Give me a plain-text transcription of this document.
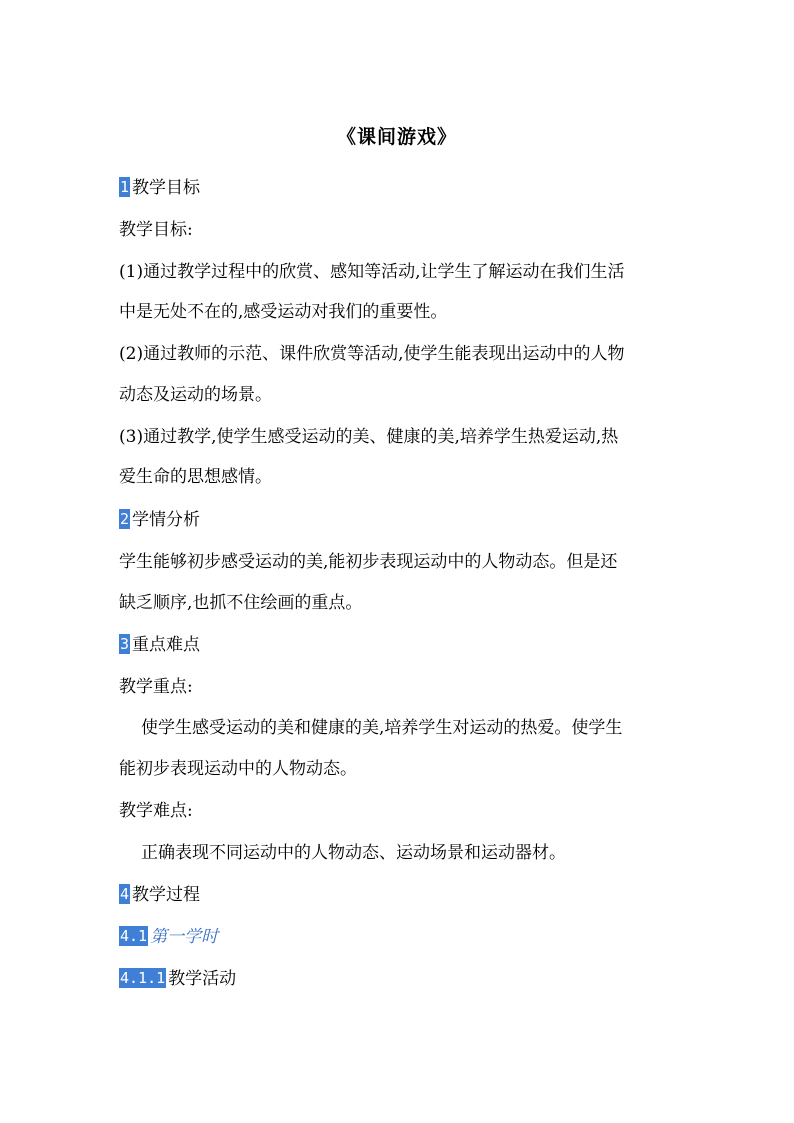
《课间游戏》
1 教学目标
教学目标:
(1)通过教学过程中的欣赏、感知等活动,让学生了解运动在我们生活
中是无处不在的,感受运动对我们的重要性。
(2)通过教师的示范、课件欣赏等活动,使学生能表现出运动中的人物
动态及运动的场景。
(3)通过教学,使学生感受运动的美、健康的美,培养学生热爱运动,热
爱生命的思想感情。
2 学情分析
学生能够初步感受运动的美,能初步表现运动中的人物动态。但是还
缺乏顺序,也抓不住绘画的重点。
3 重点难点
教学重点:
使学生感受运动的美和健康的美,培养学生对运动的热爱。使学生
能初步表现运动中的人物动态。
教学难点:
正确表现不同运动中的人物动态、运动场景和运动器材。
4 教学过程
4.1 第一学时
4.1.1 教学活动
